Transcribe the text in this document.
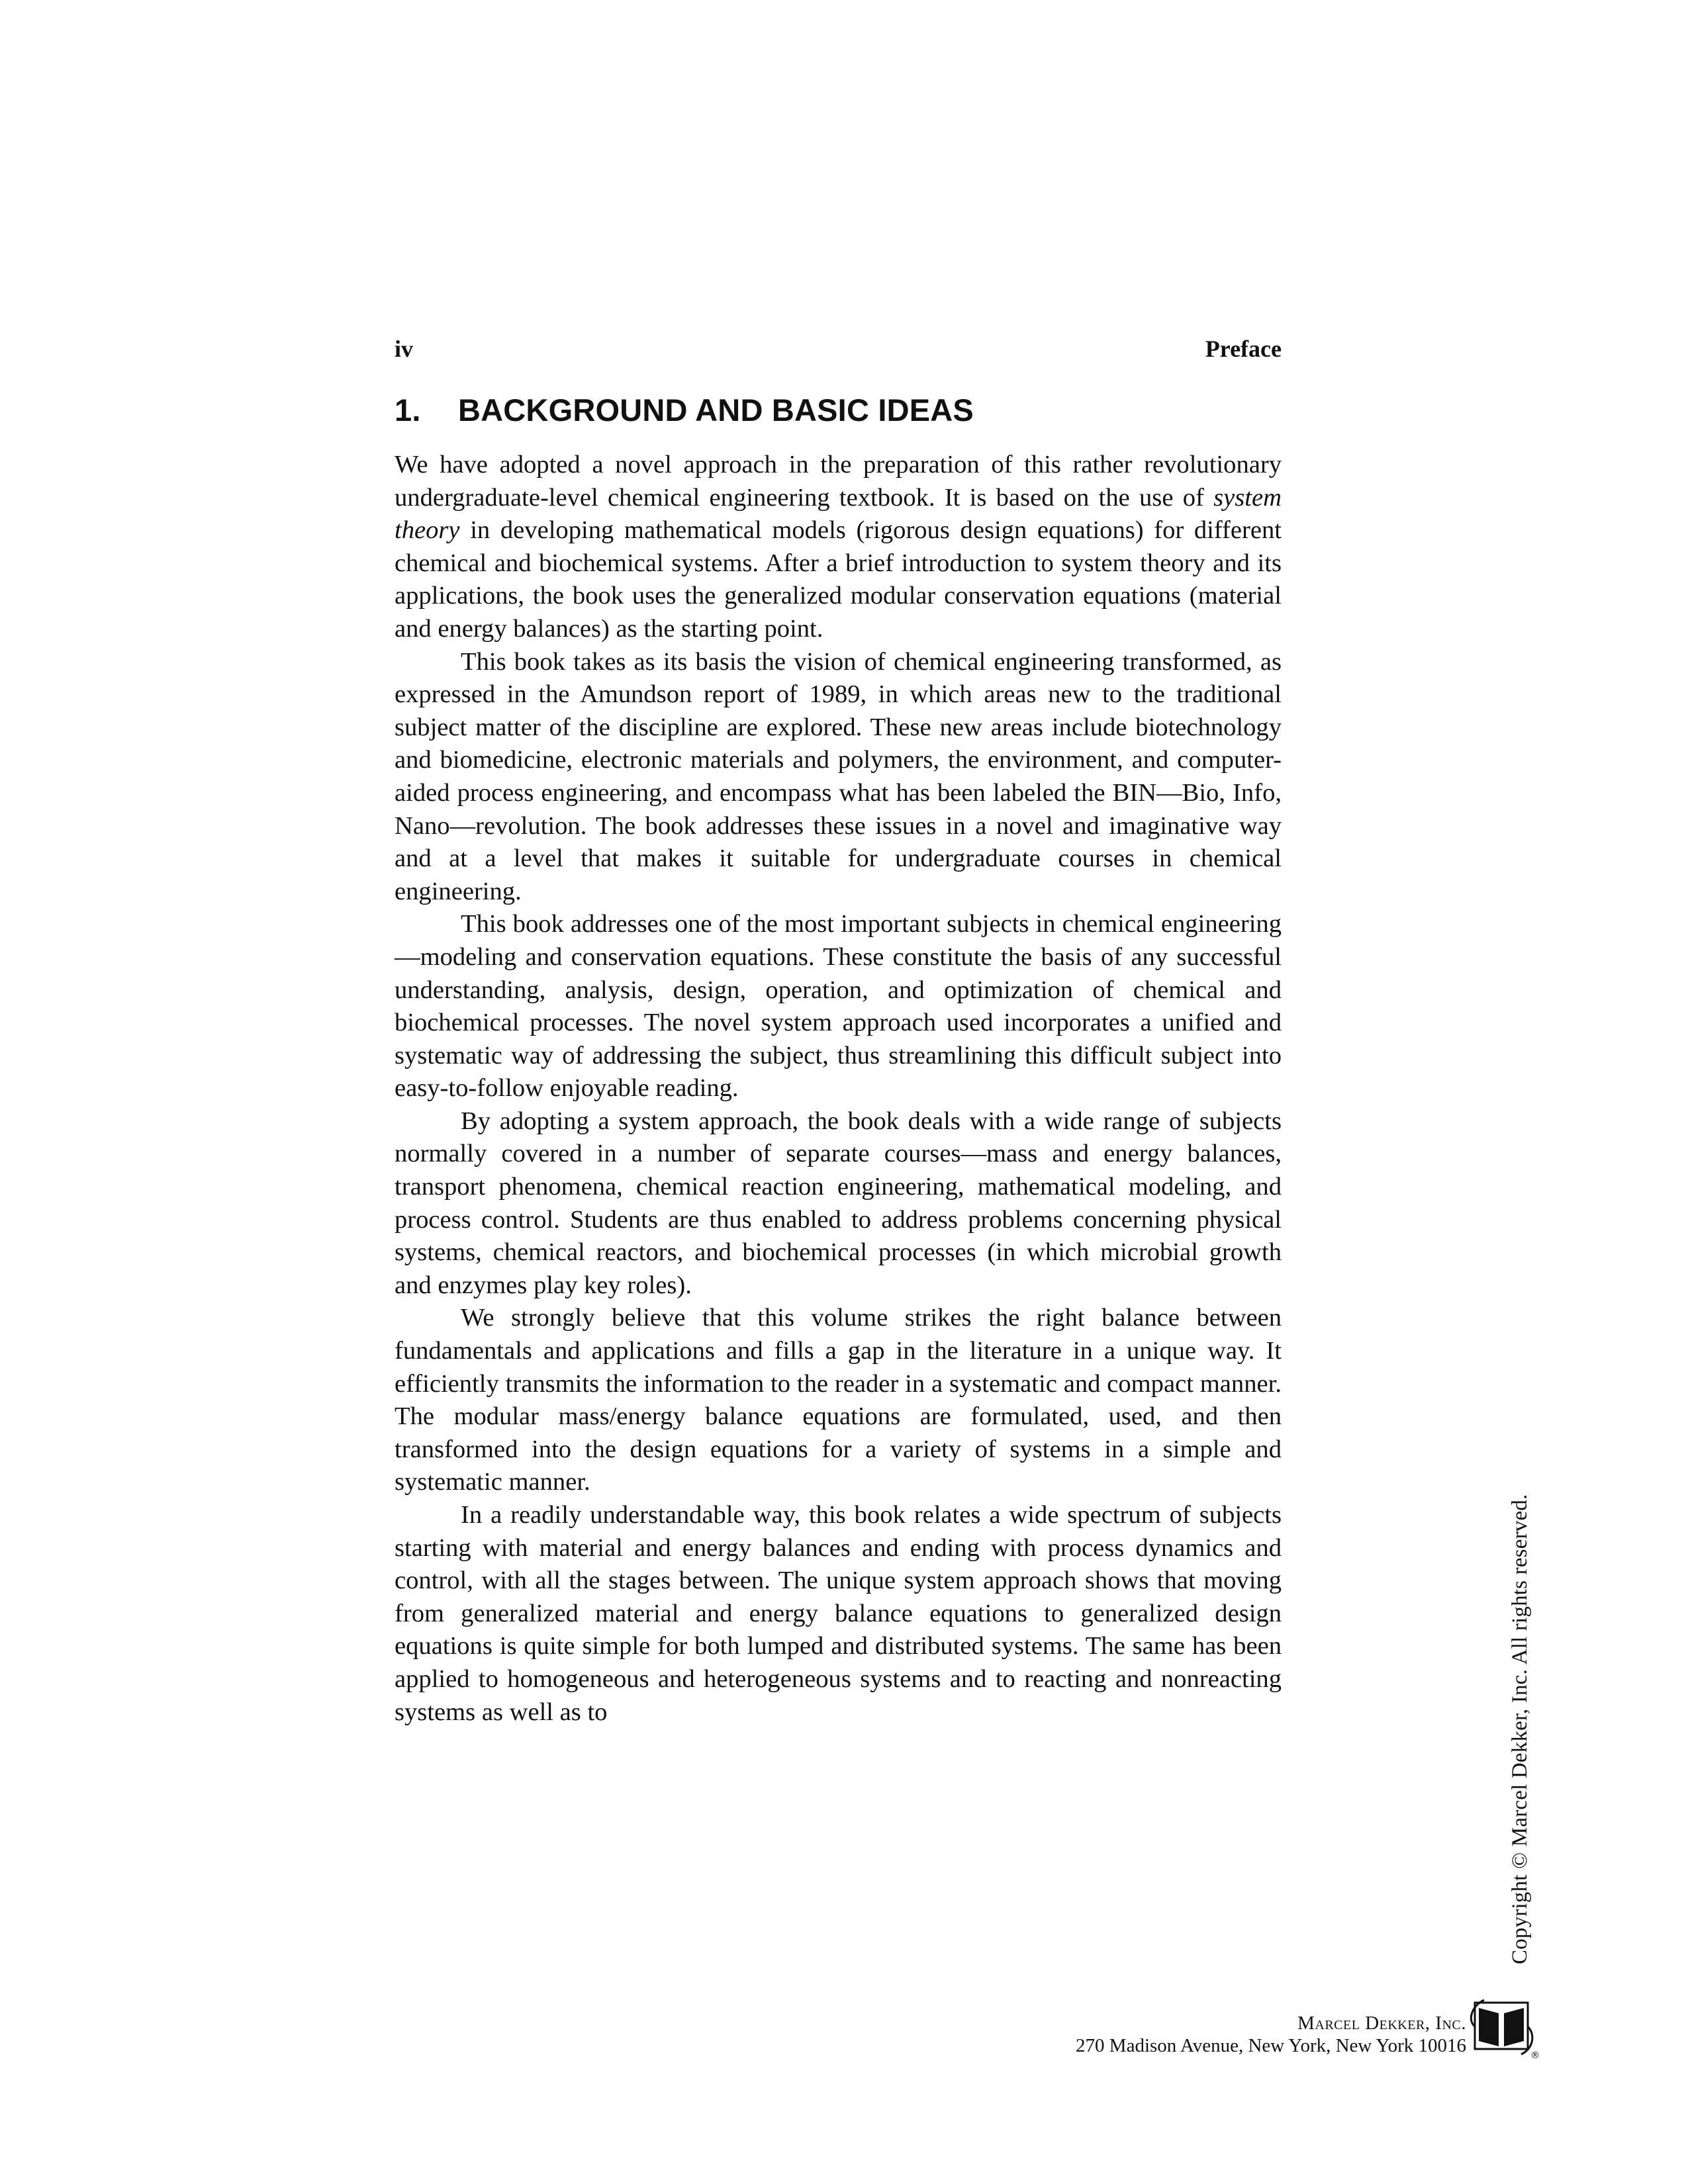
iv	Preface
1. BACKGROUND AND BASIC IDEAS

We have adopted a novel approach in the preparation of this rather revolutionary undergraduate-level chemical engineering textbook. It is based on the use of system theory in developing mathematical models (rigorous design equations) for different chemical and biochemical systems. After a brief introduction to system theory and its applications, the book uses the generalized modular conservation equations (material and energy balances) as the starting point.

This book takes as its basis the vision of chemical engineering transformed, as expressed in the Amundson report of 1989, in which areas new to the traditional subject matter of the discipline are explored. These new areas include biotechnology and biomedicine, electronic materials and polymers, the environment, and computer-aided process engineering, and encompass what has been labeled the BIN—Bio, Info, Nano—revolution. The book addresses these issues in a novel and imaginative way and at a level that makes it suitable for undergraduate courses in chemical engineering.

This book addresses one of the most important subjects in chemical engineering—modeling and conservation equations. These constitute the basis of any successful understanding, analysis, design, operation, and optimization of chemical and biochemical processes. The novel system approach used incorporates a unified and systematic way of addressing the subject, thus streamlining this difficult subject into easy-to-follow enjoyable reading.

By adopting a system approach, the book deals with a wide range of subjects normally covered in a number of separate courses—mass and energy balances, transport phenomena, chemical reaction engineering, mathematical modeling, and process control. Students are thus enabled to address problems concerning physical systems, chemical reactors, and biochemical processes (in which microbial growth and enzymes play key roles).

We strongly believe that this volume strikes the right balance between fundamentals and applications and fills a gap in the literature in a unique way. It efficiently transmits the information to the reader in a systematic and compact manner. The modular mass/energy balance equations are formulated, used, and then transformed into the design equations for a variety of systems in a simple and systematic manner.

In a readily understandable way, this book relates a wide spectrum of subjects starting with material and energy balances and ending with process dynamics and control, with all the stages between. The unique system approach shows that moving from generalized material and energy balance equations to generalized design equations is quite simple for both lumped and distributed systems. The same has been applied to homogeneous and heterogeneous systems and to reacting and nonreacting systems as well as to

Marcel Dekker, Inc.
270 Madison Avenue, New York, New York 10016	®
Copyright © Marcel Dekker, Inc. All rights reserved.
